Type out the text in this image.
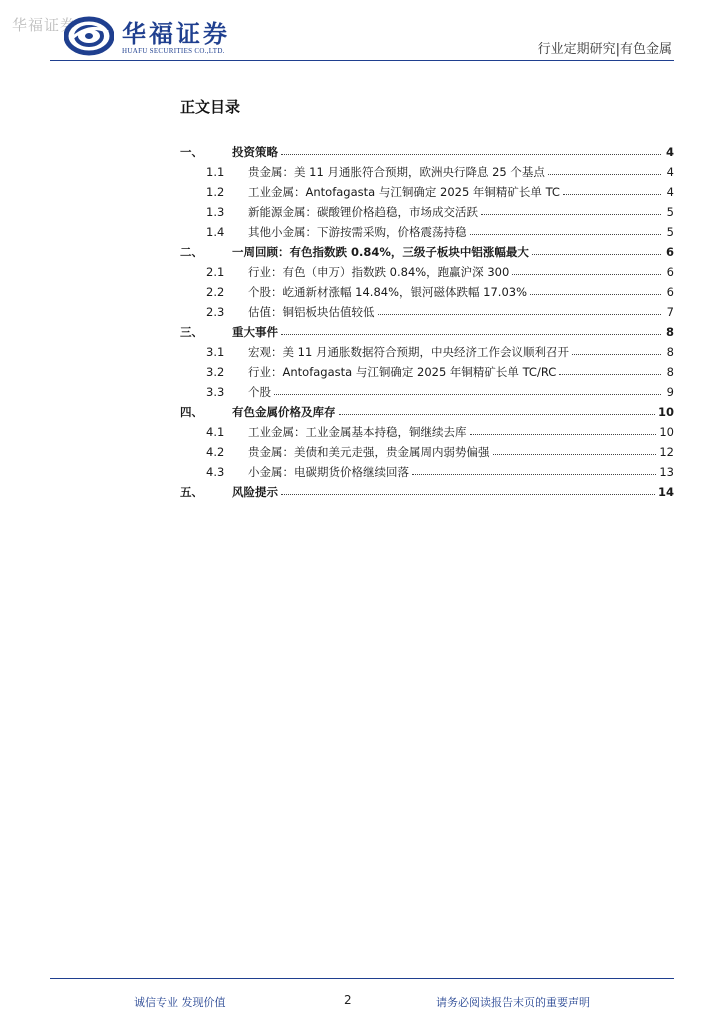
华福证券 华福证券
HUAFU SECURITIES CO.,LTD.	行业定期研究|有色金属
正文目录
一、	投资策略	4
1.1	贵金属：美 11 月通胀符合预期，欧洲央行降息 25 个基点	4
1.2	工业金属：Antofagasta 与江铜确定 2025 年铜精矿长单 TC	4
1.3	新能源金属：碳酸锂价格趋稳，市场成交活跃	5
1.4	其他小金属：下游按需采购，价格震荡持稳	5
二、	一周回顾：有色指数跌 0.84%，三级子板块中铝涨幅最大	6
2.1	行业：有色（申万）指数跌 0.84%，跑赢沪深 300	6
2.2	个股：屹通新材涨幅 14.84%，银河磁体跌幅 17.03%	6
2.3	估值：铜铝板块估值较低	7
三、	重大事件	8
3.1	宏观：美 11 月通胀数据符合预期，中央经济工作会议顺利召开	8
3.2	行业：Antofagasta 与江铜确定 2025 年铜精矿长单 TC/RC	8
3.3	个股	9
四、	有色金属价格及库存	10
4.1	工业金属：工业金属基本持稳，铜继续去库	10
4.2	贵金属：美债和美元走强，贵金属周内弱势偏强	12
4.3	小金属：电碳期货价格继续回落	13
五、	风险提示	14
诚信专业 发现价值	2	请务必阅读报告末页的重要声明
